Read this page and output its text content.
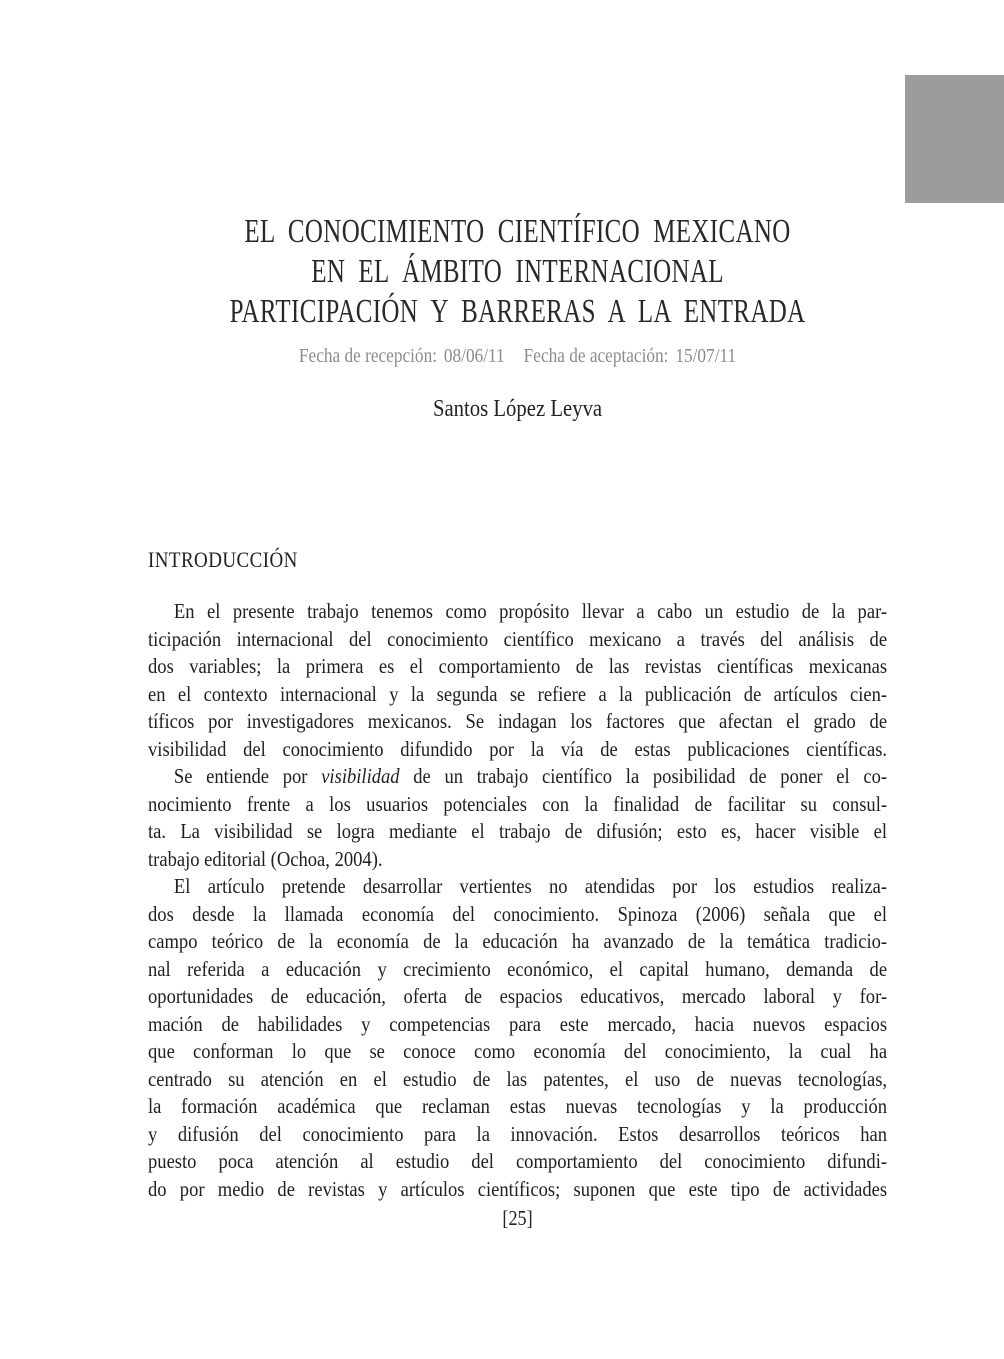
EL CONOCIMIENTO CIENTÍFICO MEXICANO
EN EL ÁMBITO INTERNACIONAL
PARTICIPACIÓN Y BARRERAS A LA ENTRADA
Fecha de recepción: 08/06/11 Fecha de aceptación: 15/07/11
Santos López Leyva
INTRODUCCIÓN
En el presente trabajo tenemos como propósito llevar a cabo un estudio de la par-
ticipación internacional del conocimiento científico mexicano a través del análisis de
dos variables; la primera es el comportamiento de las revistas científicas mexicanas
en el contexto internacional y la segunda se refiere a la publicación de artículos cien-
tíficos por investigadores mexicanos. Se indagan los factores que afectan el grado de
visibilidad del conocimiento difundido por la vía de estas publicaciones científicas.
Se entiende por visibilidad de un trabajo científico la posibilidad de poner el co-
nocimiento frente a los usuarios potenciales con la finalidad de facilitar su consul-
ta. La visibilidad se logra mediante el trabajo de difusión; esto es, hacer visible el
trabajo editorial (Ochoa, 2004).
El artículo pretende desarrollar vertientes no atendidas por los estudios realiza-
dos desde la llamada economía del conocimiento. Spinoza (2006) señala que el
campo teórico de la economía de la educación ha avanzado de la temática tradicio-
nal referida a educación y crecimiento económico, el capital humano, demanda de
oportunidades de educación, oferta de espacios educativos, mercado laboral y for-
mación de habilidades y competencias para este mercado, hacia nuevos espacios
que conforman lo que se conoce como economía del conocimiento, la cual ha
centrado su atención en el estudio de las patentes, el uso de nuevas tecnologías,
la formación académica que reclaman estas nuevas tecnologías y la producción
y difusión del conocimiento para la innovación. Estos desarrollos teóricos han
puesto poca atención al estudio del comportamiento del conocimiento difundi-
do por medio de revistas y artículos científicos; suponen que este tipo de actividades
[25]
